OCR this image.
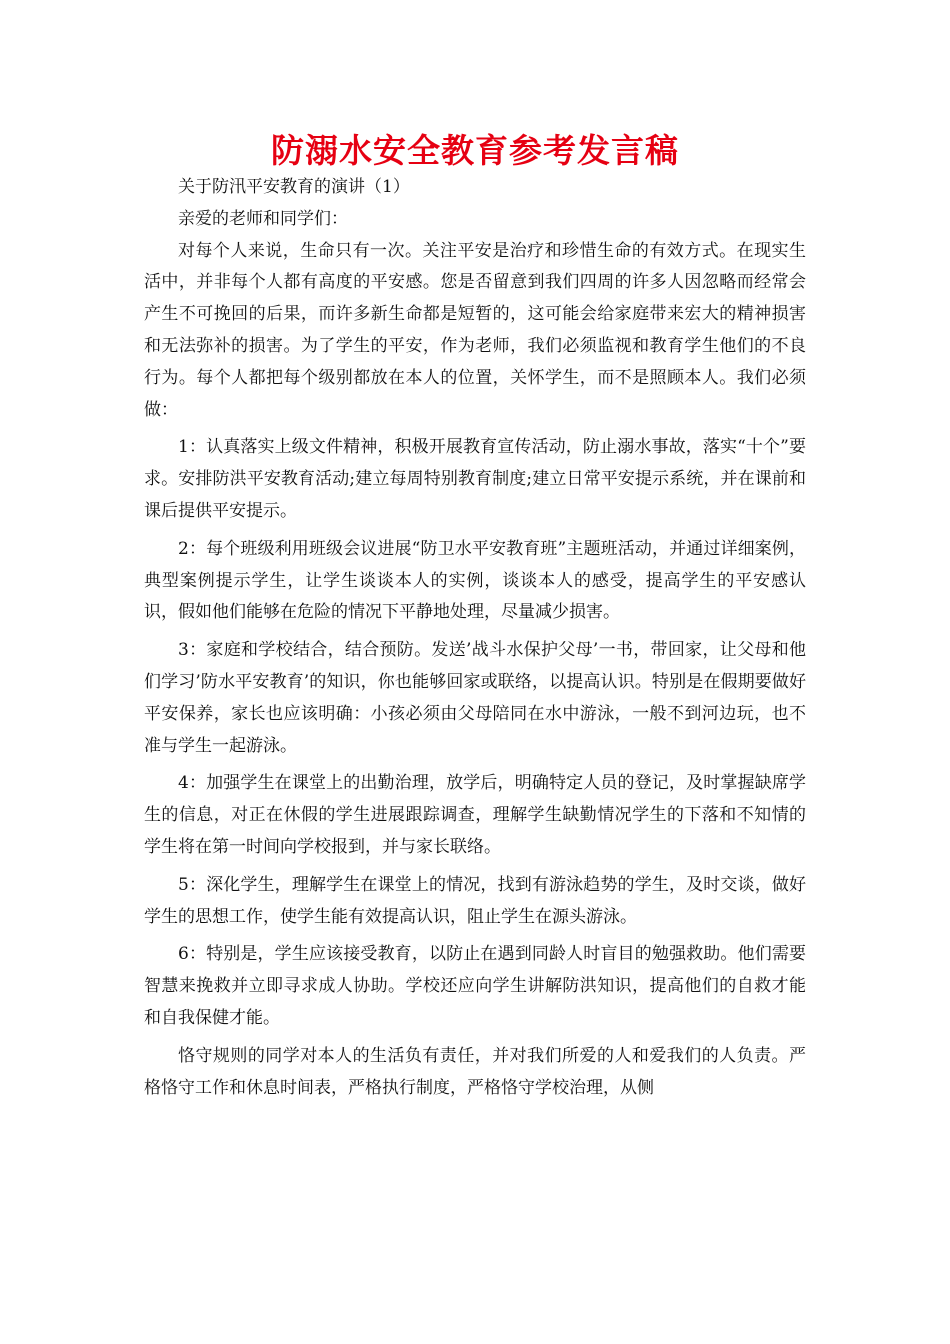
防溺水安全教育参考发言稿

关于防汛平安教育的演讲（1）

亲爱的老师和同学们：

对每个人来说，生命只有一次。关注平安是治疗和珍惜生命的有效方式。在现实生活中，并非每个人都有高度的平安感。您是否留意到我们四周的许多人因忽略而经常会产生不可挽回的后果，而许多新生命都是短暂的，这可能会给家庭带来宏大的精神损害和无法弥补的损害。为了学生的平安，作为老师，我们必须监视和教育学生他们的不良行为。每个人都把每个级别都放在本人的位置，关怀学生，而不是照顾本人。我们必须做：

1：认真落实上级文件精神，积极开展教育宣传活动，防止溺水事故，落实“十个”要求。安排防洪平安教育活动;建立每周特别教育制度;建立日常平安提示系统，并在课前和课后提供平安提示。

2：每个班级利用班级会议进展“防卫水平安教育班”主题班活动，并通过详细案例，典型案例提示学生，让学生谈谈本人的实例，谈谈本人的感受，提高学生的平安感认识，假如他们能够在危险的情况下平静地处理，尽量减少损害。

3：家庭和学校结合，结合预防。发送’战斗水保护父母’一书，带回家，让父母和他们学习’防水平安教育’的知识，你也能够回家或联络，以提高认识。特别是在假期要做好平安保养，家长也应该明确：小孩必须由父母陪同在水中游泳，一般不到河边玩，也不准与学生一起游泳。

4：加强学生在课堂上的出勤治理，放学后，明确特定人员的登记，及时掌握缺席学生的信息，对正在休假的学生进展跟踪调查，理解学生缺勤情况学生的下落和不知情的学生将在第一时间向学校报到，并与家长联络。

5：深化学生，理解学生在课堂上的情况，找到有游泳趋势的学生，及时交谈，做好学生的思想工作，使学生能有效提高认识，阻止学生在源头游泳。

6：特别是，学生应该接受教育，以防止在遇到同龄人时盲目的勉强救助。他们需要智慧来挽救并立即寻求成人协助。学校还应向学生讲解防洪知识，提高他们的自救才能和自我保健才能。

恪守规则的同学对本人的生活负有责任，并对我们所爱的人和爱我们的人负责。严格恪守工作和休息时间表，严格执行制度，严格恪守学校治理，从侧
